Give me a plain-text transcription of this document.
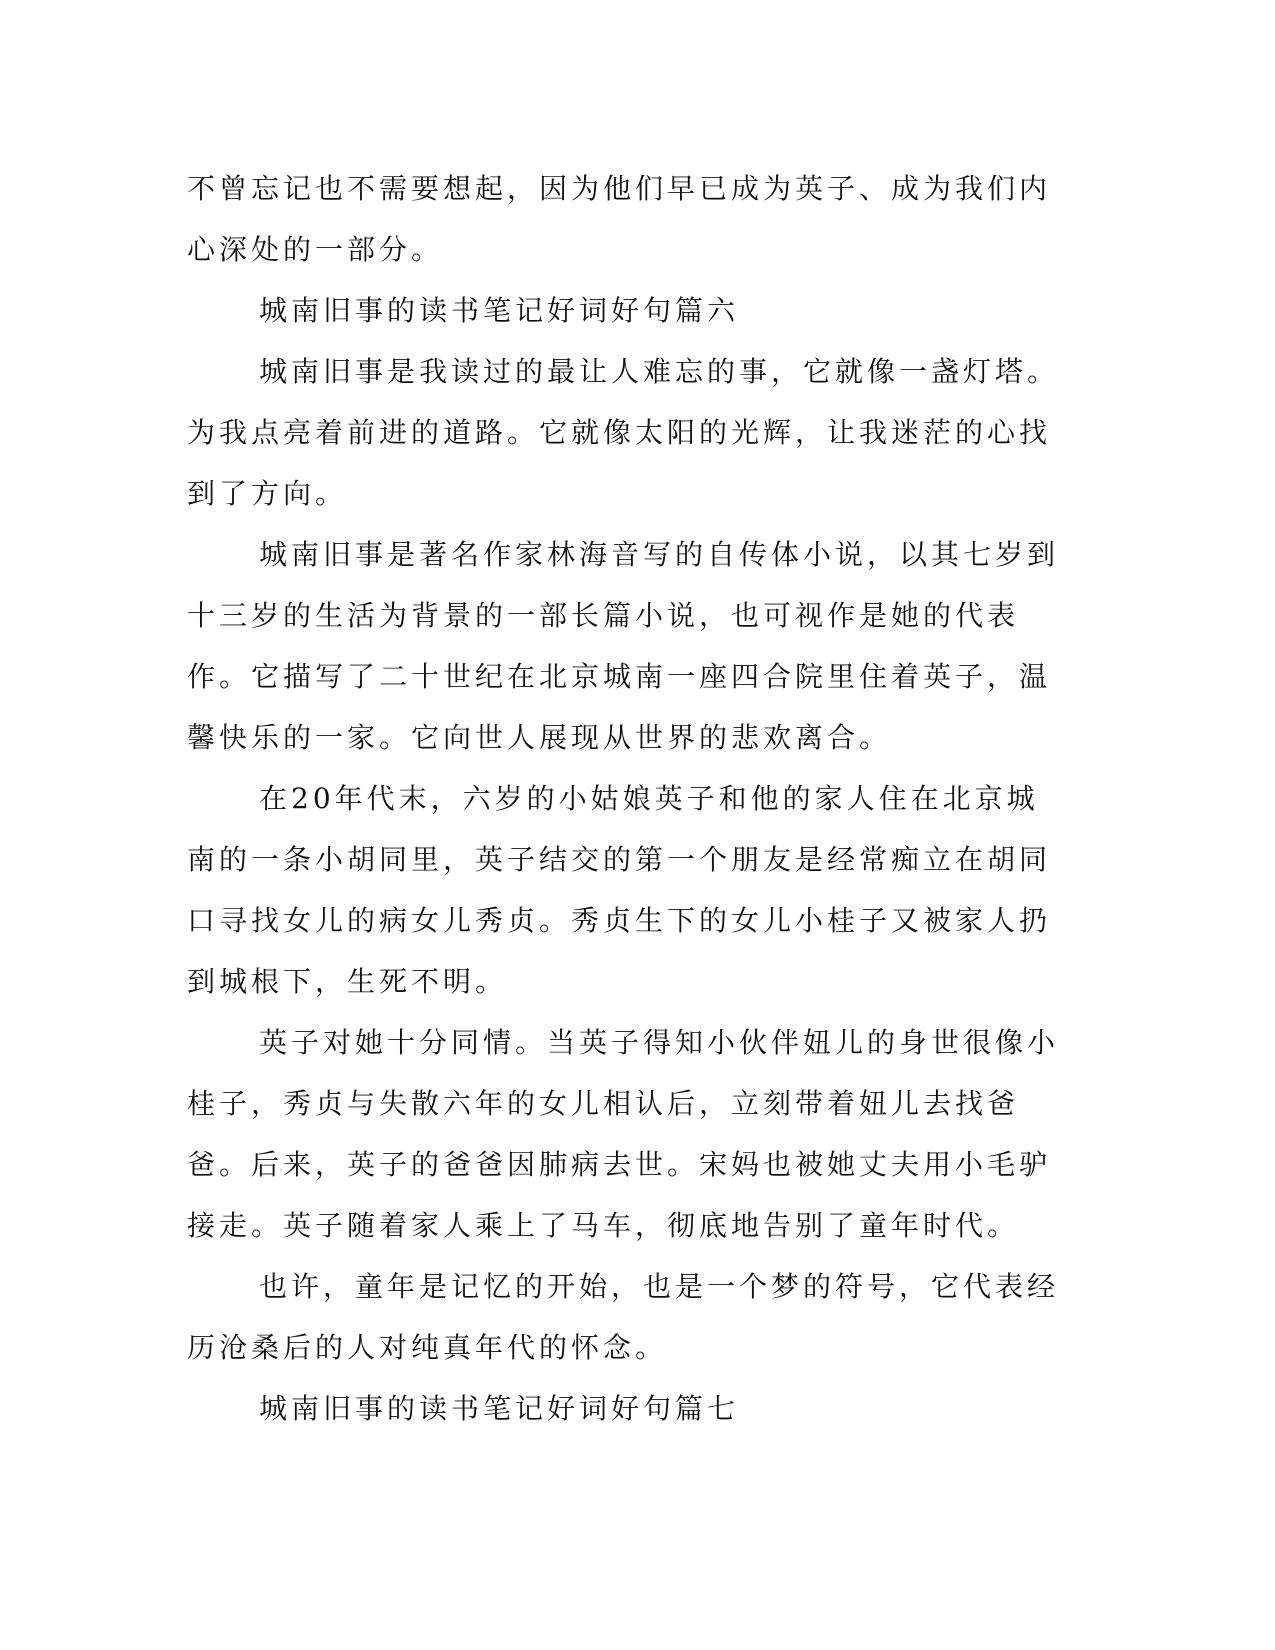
不曾忘记也不需要想起，因为他们早已成为英子、成为我们内心深处的一部分。

城南旧事的读书笔记好词好句篇六

城南旧事是我读过的最让人难忘的事，它就像一盏灯塔。为我点亮着前进的道路。它就像太阳的光辉，让我迷茫的心找到了方向。

城南旧事是著名作家林海音写的自传体小说，以其七岁到十三岁的生活为背景的一部长篇小说，也可视作是她的代表作。它描写了二十世纪在北京城南一座四合院里住着英子，温馨快乐的一家。它向世人展现从世界的悲欢离合。

在20年代末，六岁的小姑娘英子和他的家人住在北京城南的一条小胡同里，英子结交的第一个朋友是经常痴立在胡同口寻找女儿的病女儿秀贞。秀贞生下的女儿小桂子又被家人扔到城根下，生死不明。

英子对她十分同情。当英子得知小伙伴妞儿的身世很像小桂子，秀贞与失散六年的女儿相认后，立刻带着妞儿去找爸爸。后来，英子的爸爸因肺病去世。宋妈也被她丈夫用小毛驴接走。英子随着家人乘上了马车，彻底地告别了童年时代。

也许，童年是记忆的开始，也是一个梦的符号，它代表经历沧桑后的人对纯真年代的怀念。

城南旧事的读书笔记好词好句篇七
